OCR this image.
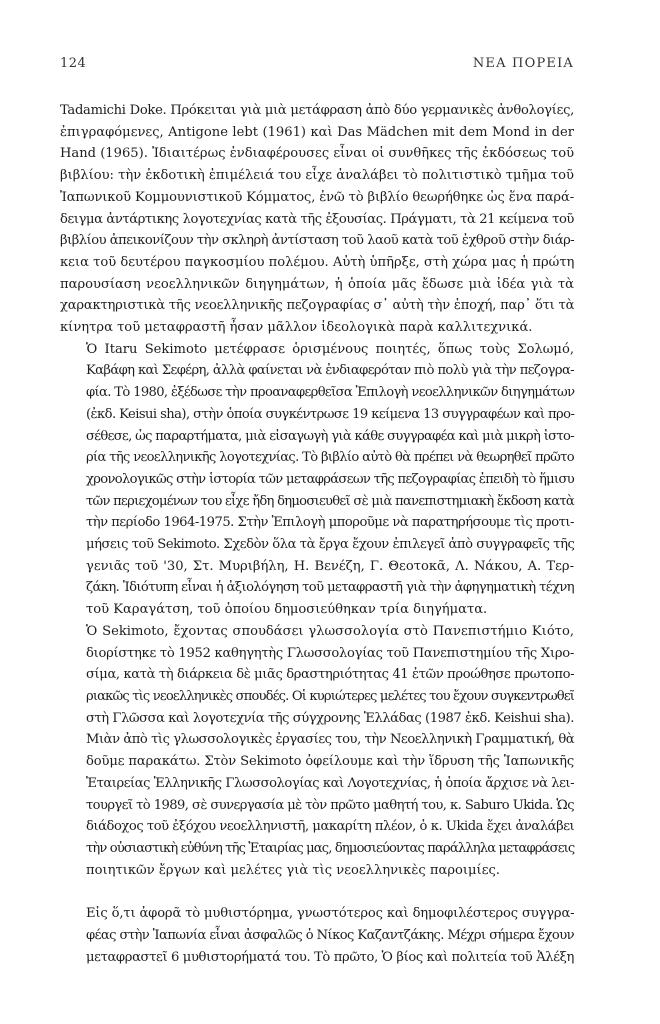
124	ΝΕΑ ΠΟΡΕΙΑ

Tadamichi Doke. Πρόκειται γιὰ μιὰ μετάφραση ἀπὸ δύο γερμανικὲς ἀνθολογίες,
ἐπιγραφόμενες, Antigone lebt (1961) καὶ Das Mädchen mit dem Mond in der
Hand (1965). Ἰδιαιτέρως ἐνδιαφέρουσες εἶναι οἱ συνθῆκες τῆς ἐκδόσεως τοῦ
βιβλίου: τὴν ἐκδοτικὴ ἐπιμέλειά του εἶχε ἀναλάβει τὸ πολιτιστικὸ τμῆμα τοῦ
Ἰαπωνικοῦ Κομμουνιστικοῦ Κόμματος, ἐνῶ τὸ βιβλίο θεωρήθηκε ὡς ἕνα παρά-
δειγμα ἀντάρτικης λογοτεχνίας κατὰ τῆς ἐξουσίας. Πράγματι, τὰ 21 κείμενα τοῦ
βιβλίου ἀπεικονίζουν τὴν σκληρὴ ἀντίσταση τοῦ λαοῦ κατὰ τοῦ ἐχθροῦ στὴν διάρ-
κεια τοῦ δευτέρου παγκοσμίου πολέμου. Αὐτὴ ὑπῆρξε, στὴ χώρα μας ἡ πρώτη
παρουσίαση νεοελληνικῶν διηγημάτων, ἡ ὁποία μᾶς ἔδωσε μιὰ ἰδέα γιὰ τὰ
χαρακτηριστικὰ τῆς νεοελληνικῆς πεζογραφίας σ᾽ αὐτὴ τὴν ἐποχή, παρ᾽ ὅτι τὰ
κίνητρα τοῦ μεταφραστῆ ἦσαν μᾶλλον ἰδεολογικὰ παρὰ καλλιτεχνικά.

Ὁ Itaru Sekimoto μετέφρασε ὁρισμένους ποιητές, ὅπως τοὺς Σολωμό,
Καβάφη καὶ Σεφέρη, ἀλλὰ φαίνεται νὰ ἐνδιαφερόταν πιὸ πολὺ γιὰ τὴν πεζογρα-
φία. Τὸ 1980, ἐξέδωσε τὴν προαναφερθεῖσα Ἐπιλογὴ νεοελληνικῶν διηγημάτων
(ἐκδ. Keisui sha), στὴν ὁποία συγκέντρωσε 19 κείμενα 13 συγγραφέων καὶ προ-
σέθεσε, ὡς παραρτήματα, μιὰ εἰσαγωγὴ γιὰ κάθε συγγραφέα καὶ μιὰ μικρὴ ἱστο-
ρία τῆς νεοελληνικῆς λογοτεχνίας. Τὸ βιβλίο αὐτὸ θὰ πρέπει νὰ θεωρηθεῖ πρῶτο
χρονολογικῶς στὴν ἱστορία τῶν μεταφράσεων τῆς πεζογραφίας ἐπειδὴ τὸ ἥμισυ
τῶν περιεχομένων του εἶχε ἤδη δημοσιευθεῖ σὲ μιὰ πανεπιστημιακὴ ἔκδοση κατὰ
τὴν περίοδο 1964-1975. Στὴν Ἐπιλογὴ μποροῦμε νὰ παρατηρήσουμε τὶς προτι-
μήσεις τοῦ Sekimoto. Σχεδὸν ὅλα τὰ ἔργα ἔχουν ἐπιλεγεῖ ἀπὸ συγγραφεῖς τῆς
γενιᾶς τοῦ '30, Στ. Μυριβήλη, Η. Βενέζη, Γ. Θεοτοκᾶ, Λ. Νάκου, Α. Τερ-
ζάκη. Ἰδιότυπη εἶναι ἡ ἀξιολόγηση τοῦ μεταφραστῆ γιὰ τὴν ἀφηγηματικὴ τέχνη
τοῦ Καραγάτση, τοῦ ὁποίου δημοσιεύθηκαν τρία διηγήματα.

Ὁ Sekimoto, ἔχοντας σπουδάσει γλωσσολογία στὸ Πανεπιστήμιο Κιότο,
διορίστηκε τὸ 1952 καθηγητὴς Γλωσσολογίας τοῦ Πανεπιστημίου τῆς Χιρο-
σίμα, κατὰ τὴ διάρκεια δὲ μιᾶς δραστηριότητας 41 ἐτῶν προώθησε πρωτοπο-
ριακῶς τὶς νεοελληνικὲς σπουδές. Οἱ κυριώτερες μελέτες του ἔχουν συγκεντρωθεῖ
στὴ Γλῶσσα καὶ λογοτεχνία τῆς σύγχρονης Ἑλλάδας (1987 ἐκδ. Keishui sha).
Μιὰν ἀπὸ τὶς γλωσσολογικὲς ἐργασίες του, τὴν Νεοελληνικὴ Γραμματική, θὰ
δοῦμε παρακάτω. Στὸν Sekimoto ὀφείλουμε καὶ τὴν ἵδρυση τῆς Ἰαπωνικῆς
Ἑταιρείας Ἑλληνικῆς Γλωσσολογίας καὶ Λογοτεχνίας, ἡ ὁποία ἄρχισε νὰ λει-
τουργεῖ τὸ 1989, σὲ συνεργασία μὲ τὸν πρῶτο μαθητή του, κ. Saburo Ukida. Ὡς
διάδοχος τοῦ ἐξόχου νεοελληνιστῆ, μακαρίτη πλέον, ὁ κ. Ukida ἔχει ἀναλάβει
τὴν οὐσιαστικὴ εὐθύνη τῆς Ἑταιρίας μας, δημοσιεύοντας παράλληλα μεταφράσεις
ποιητικῶν ἔργων καὶ μελέτες γιὰ τὶς νεοελληνικὲς παροιμίες.

Εἰς ὅ,τι ἀφορᾶ τὸ μυθιστόρημα, γνωστότερος καὶ δημοφιλέστερος συγγρα-
φέας στὴν Ἰαπωνία εἶναι ἀσφαλῶς ὁ Νίκος Καζαντζάκης. Μέχρι σήμερα ἔχουν
μεταφραστεῖ 6 μυθιστορήματά του. Τὸ πρῶτο, Ὁ βίος καὶ πολιτεία τοῦ Ἀλέξη
